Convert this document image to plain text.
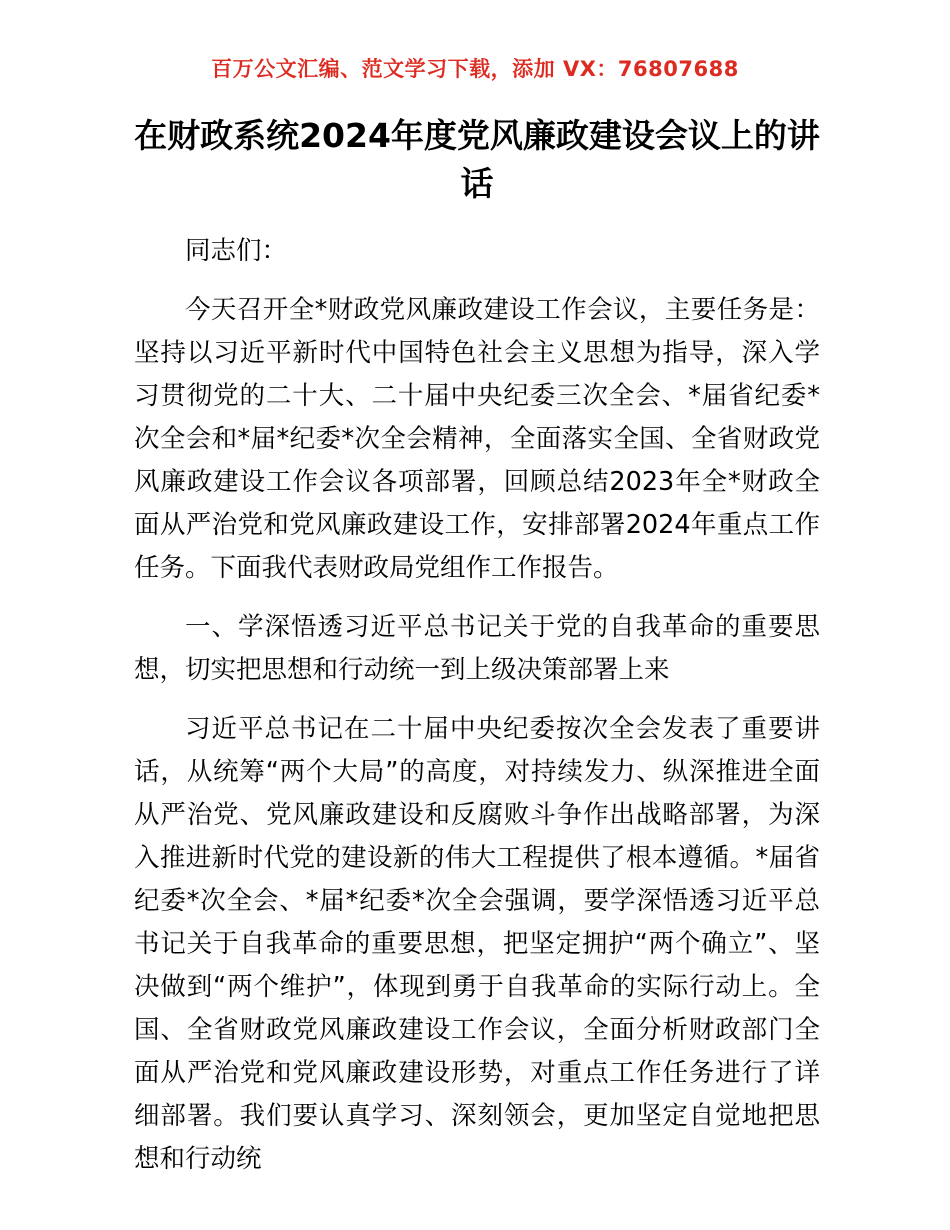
百万公文汇编、范文学习下载，添加 VX：76807688
在财政系统2024年度党风廉政建设会议上的讲话

同志们：

今天召开全*财政党风廉政建设工作会议，主要任务是：坚持以习近平新时代中国特色社会主义思想为指导，深入学习贯彻党的二十大、二十届中央纪委三次全会、*届省纪委*次全会和*届*纪委*次全会精神，全面落实全国、全省财政党风廉政建设工作会议各项部署，回顾总结2023年全*财政全面从严治党和党风廉政建设工作，安排部署2024年重点工作任务。下面我代表财政局党组作工作报告。

一、学深悟透习近平总书记关于党的自我革命的重要思想，切实把思想和行动统一到上级决策部署上来

习近平总书记在二十届中央纪委按次全会发表了重要讲话，从统筹“两个大局”的高度，对持续发力、纵深推进全面从严治党、党风廉政建设和反腐败斗争作出战略部署，为深入推进新时代党的建设新的伟大工程提供了根本遵循。*届省纪委*次全会、*届*纪委*次全会强调，要学深悟透习近平总书记关于自我革命的重要思想，把坚定拥护“两个确立”、坚决做到“两个维护”，体现到勇于自我革命的实际行动上。全国、全省财政党风廉政建设工作会议，全面分析财政部门全面从严治党和党风廉政建设形势，对重点工作任务进行了详细部署。我们要认真学习、深刻领会，更加坚定自觉地把思想和行动统
